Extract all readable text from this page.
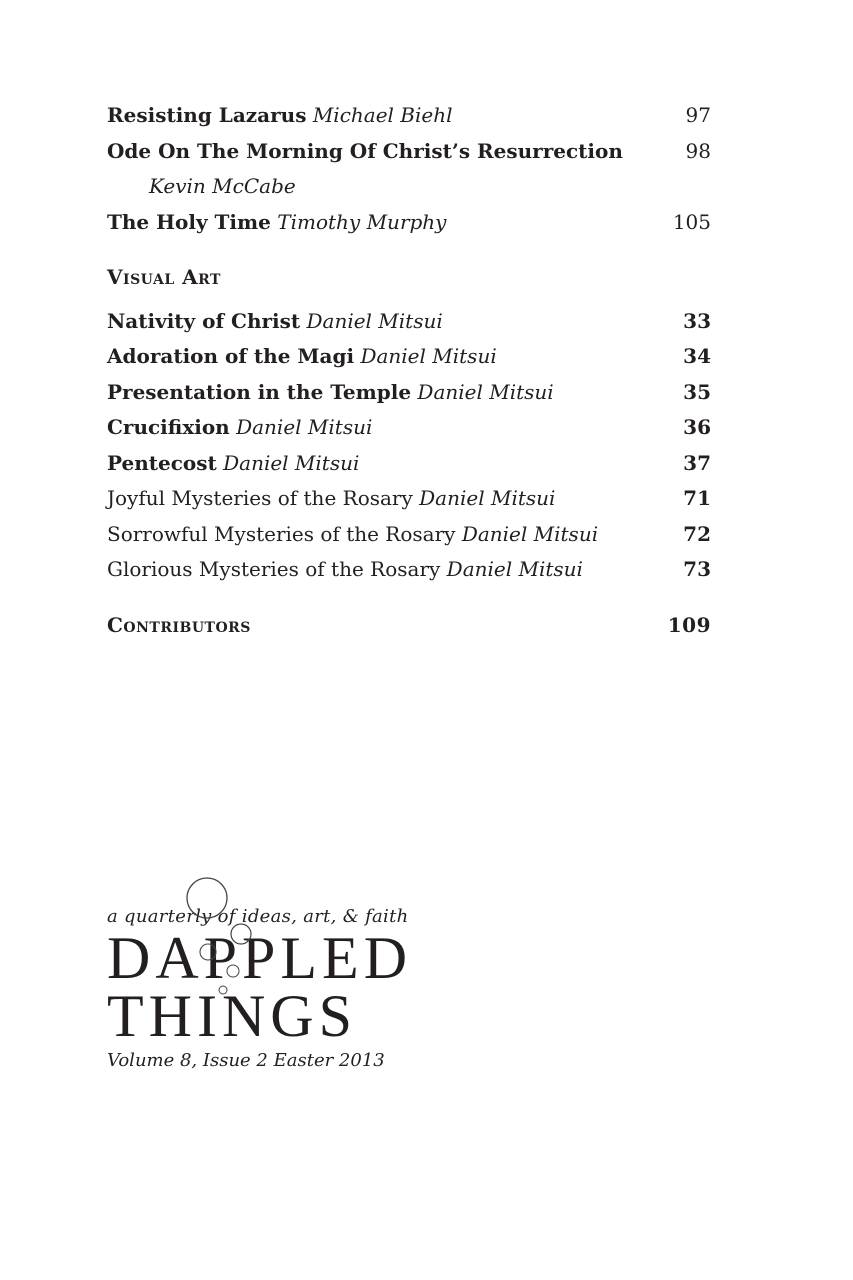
Resisting Lazarus Michael Biehl	97
Ode On The Morning Of Christ’s Resurrection	98
Kevin McCabe
The Holy Time Timothy Murphy	105
Visual Art
Nativity of Christ Daniel Mitsui	33
Adoration of the Magi Daniel Mitsui	34
Presentation in the Temple Daniel Mitsui	35
Crucifixion Daniel Mitsui	36
Pentecost Daniel Mitsui	37
Joyful Mysteries of the Rosary Daniel Mitsui	71
Sorrowful Mysteries of the Rosary Daniel Mitsui	72
Glorious Mysteries of the Rosary Daniel Mitsui	73
Contributors	109
a quarterly of ideas, art, & faith
DAPPLED
THINGS
Volume 8, Issue 2 Easter 2013
